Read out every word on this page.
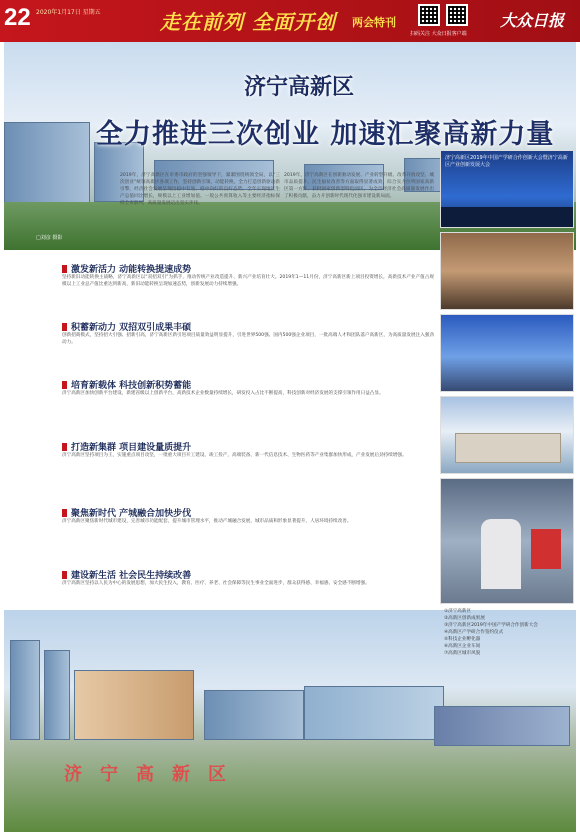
22 2020年1月17日 星期五	走在前列 全面开创 两会特刊
扫码关注 大众日报客户端
大众日报
济宁高新区
全力推进三次创业 加速汇聚高新力量
□刘彦 摄影
2019年，济宁高新区在市委市政府的坚强领导下，紧紧围绕统领全局，以“三次创业”统领高新区各项工作，坚持创新引领、动能转换，全力打造创新驱动新引擎，经济社会发展呈现出稳中有进、稳中向好的良好态势。全年实现地区生产总值同比增长，规模以上工业增加值、一般公共预算收入等主要经济指标保持全市前列，高质量发展迈出坚实步伐。
2019年，济宁高新区在创新驱动发展、产业转型升级、改革开放攻坚、城市品质提升、民生福祉改善等方面取得显著成效，综合实力位列国家高新区第一方阵，获批国家创新型特色园区，为全市经济社会高质量发展作出了积极贡献，奋力开创新时代现代化强市建设新局面。
激发新活力 动能转换提速成势
坚持新旧动能转换主战略，济宁高新区以“双招双引”为抓手，推动传统产业改造提升、新兴产业培育壮大。2019年1—11月份，济宁高新区新上项目投资增长，高新技术产业产值占规模以上工业总产值比重达到新高，新旧动能转换呈现加速态势，创新发展动力持续增强。
积蓄新动力 双招双引成果丰硕
创新招商模式，坚持招大引强、招新引高，济宁高新区新引进项目质量效益明显提升，引进世界500强、国内500强企业项目，一批高端人才和团队落户高新区，为高质量发展注入强劲动力。
培育新载体 科技创新积势蓄能
济宁高新区加快创新平台建设，新建省级以上创新平台，高新技术企业数量持续增长，研发投入占比不断提高，科技创新对经济发展的支撑引领作用日益凸显。
打造新集群 项目建设量质提升
济宁高新区坚持项目为王，实施重点项目攻坚，一批重大项目开工建设、竣工投产，高端装备、新一代信息技术、生物医药等产业集群加快形成，产业发展后劲持续增强。
聚焦新时代 产城融合加快步伐
济宁高新区聚焦新时代城市建设，完善城市功能配套，提升城市管理水平，推动产城融合发展，城市品质和形象显著提升，人居环境持续改善。
建设新生活 社会民生持续改善
济宁高新区坚持以人民为中心的发展思想，加大民生投入，教育、医疗、养老、社会保障等民生事业全面进步，群众获得感、幸福感、安全感不断增强。
济宁高新区2019年中国产学研合作创新大会暨济宁高新区产业创新发展大会
济宁高新区
①济宁高新区
②高新区创新成果展
③济宁高新区2019年中国产学研合作创新大会
④高新区产学研合作签约仪式
⑤科技企业孵化器
⑥高新区企业车间
⑦高新区城市风貌
